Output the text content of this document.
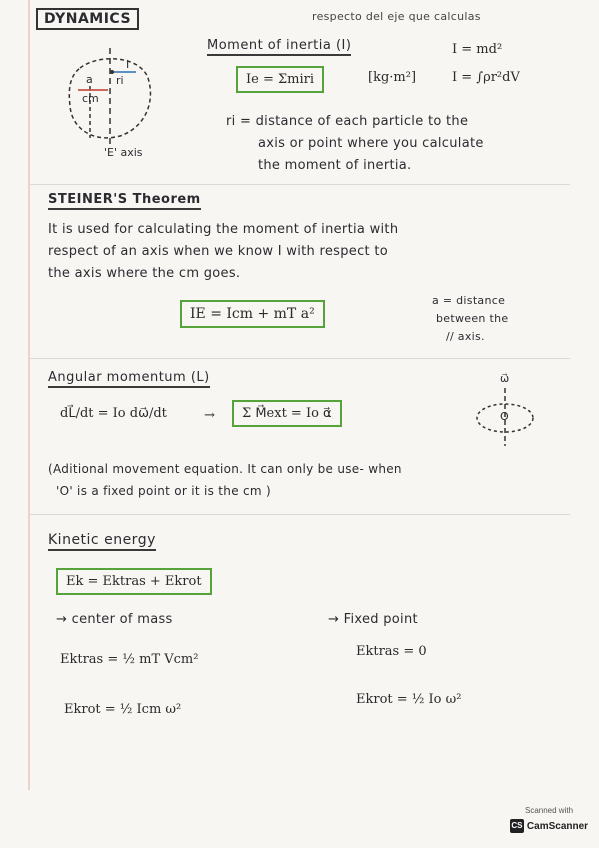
DYNAMICS	respecto del eje que calculas
Moment of inertia (I)	I = md²
I = ∫ρr²dV
Ie = Σmiri	[kg·m²]
a
cm
ri
I
'E' axis
ri = distance of each particle to the
axis or point where you calculate
the moment of inertia.
STEINER'S Theorem
It is used for calculating the moment of inertia with
respect of an axis when we know I with respect to
the axis where the cm goes.
IE = Icm + mT a²
a = distance
between the
// axis.
Angular momentum (L)
dL⃗/dt = Io dω⃗/dt	→	Σ M⃗ext = Io α⃗
ω⃗
O
(Aditional movement equation. It can only be use- when
'O' is a fixed point or it is the cm )
Kinetic energy
Ek = Ektras + Ekrot
→ center of mass	→ Fixed point
Ektras = ½ mT Vcm²
Ektras = 0
Ekrot = ½ Icm ω²
Ekrot = ½ Io ω²
Scanned with
CS CamScanner
